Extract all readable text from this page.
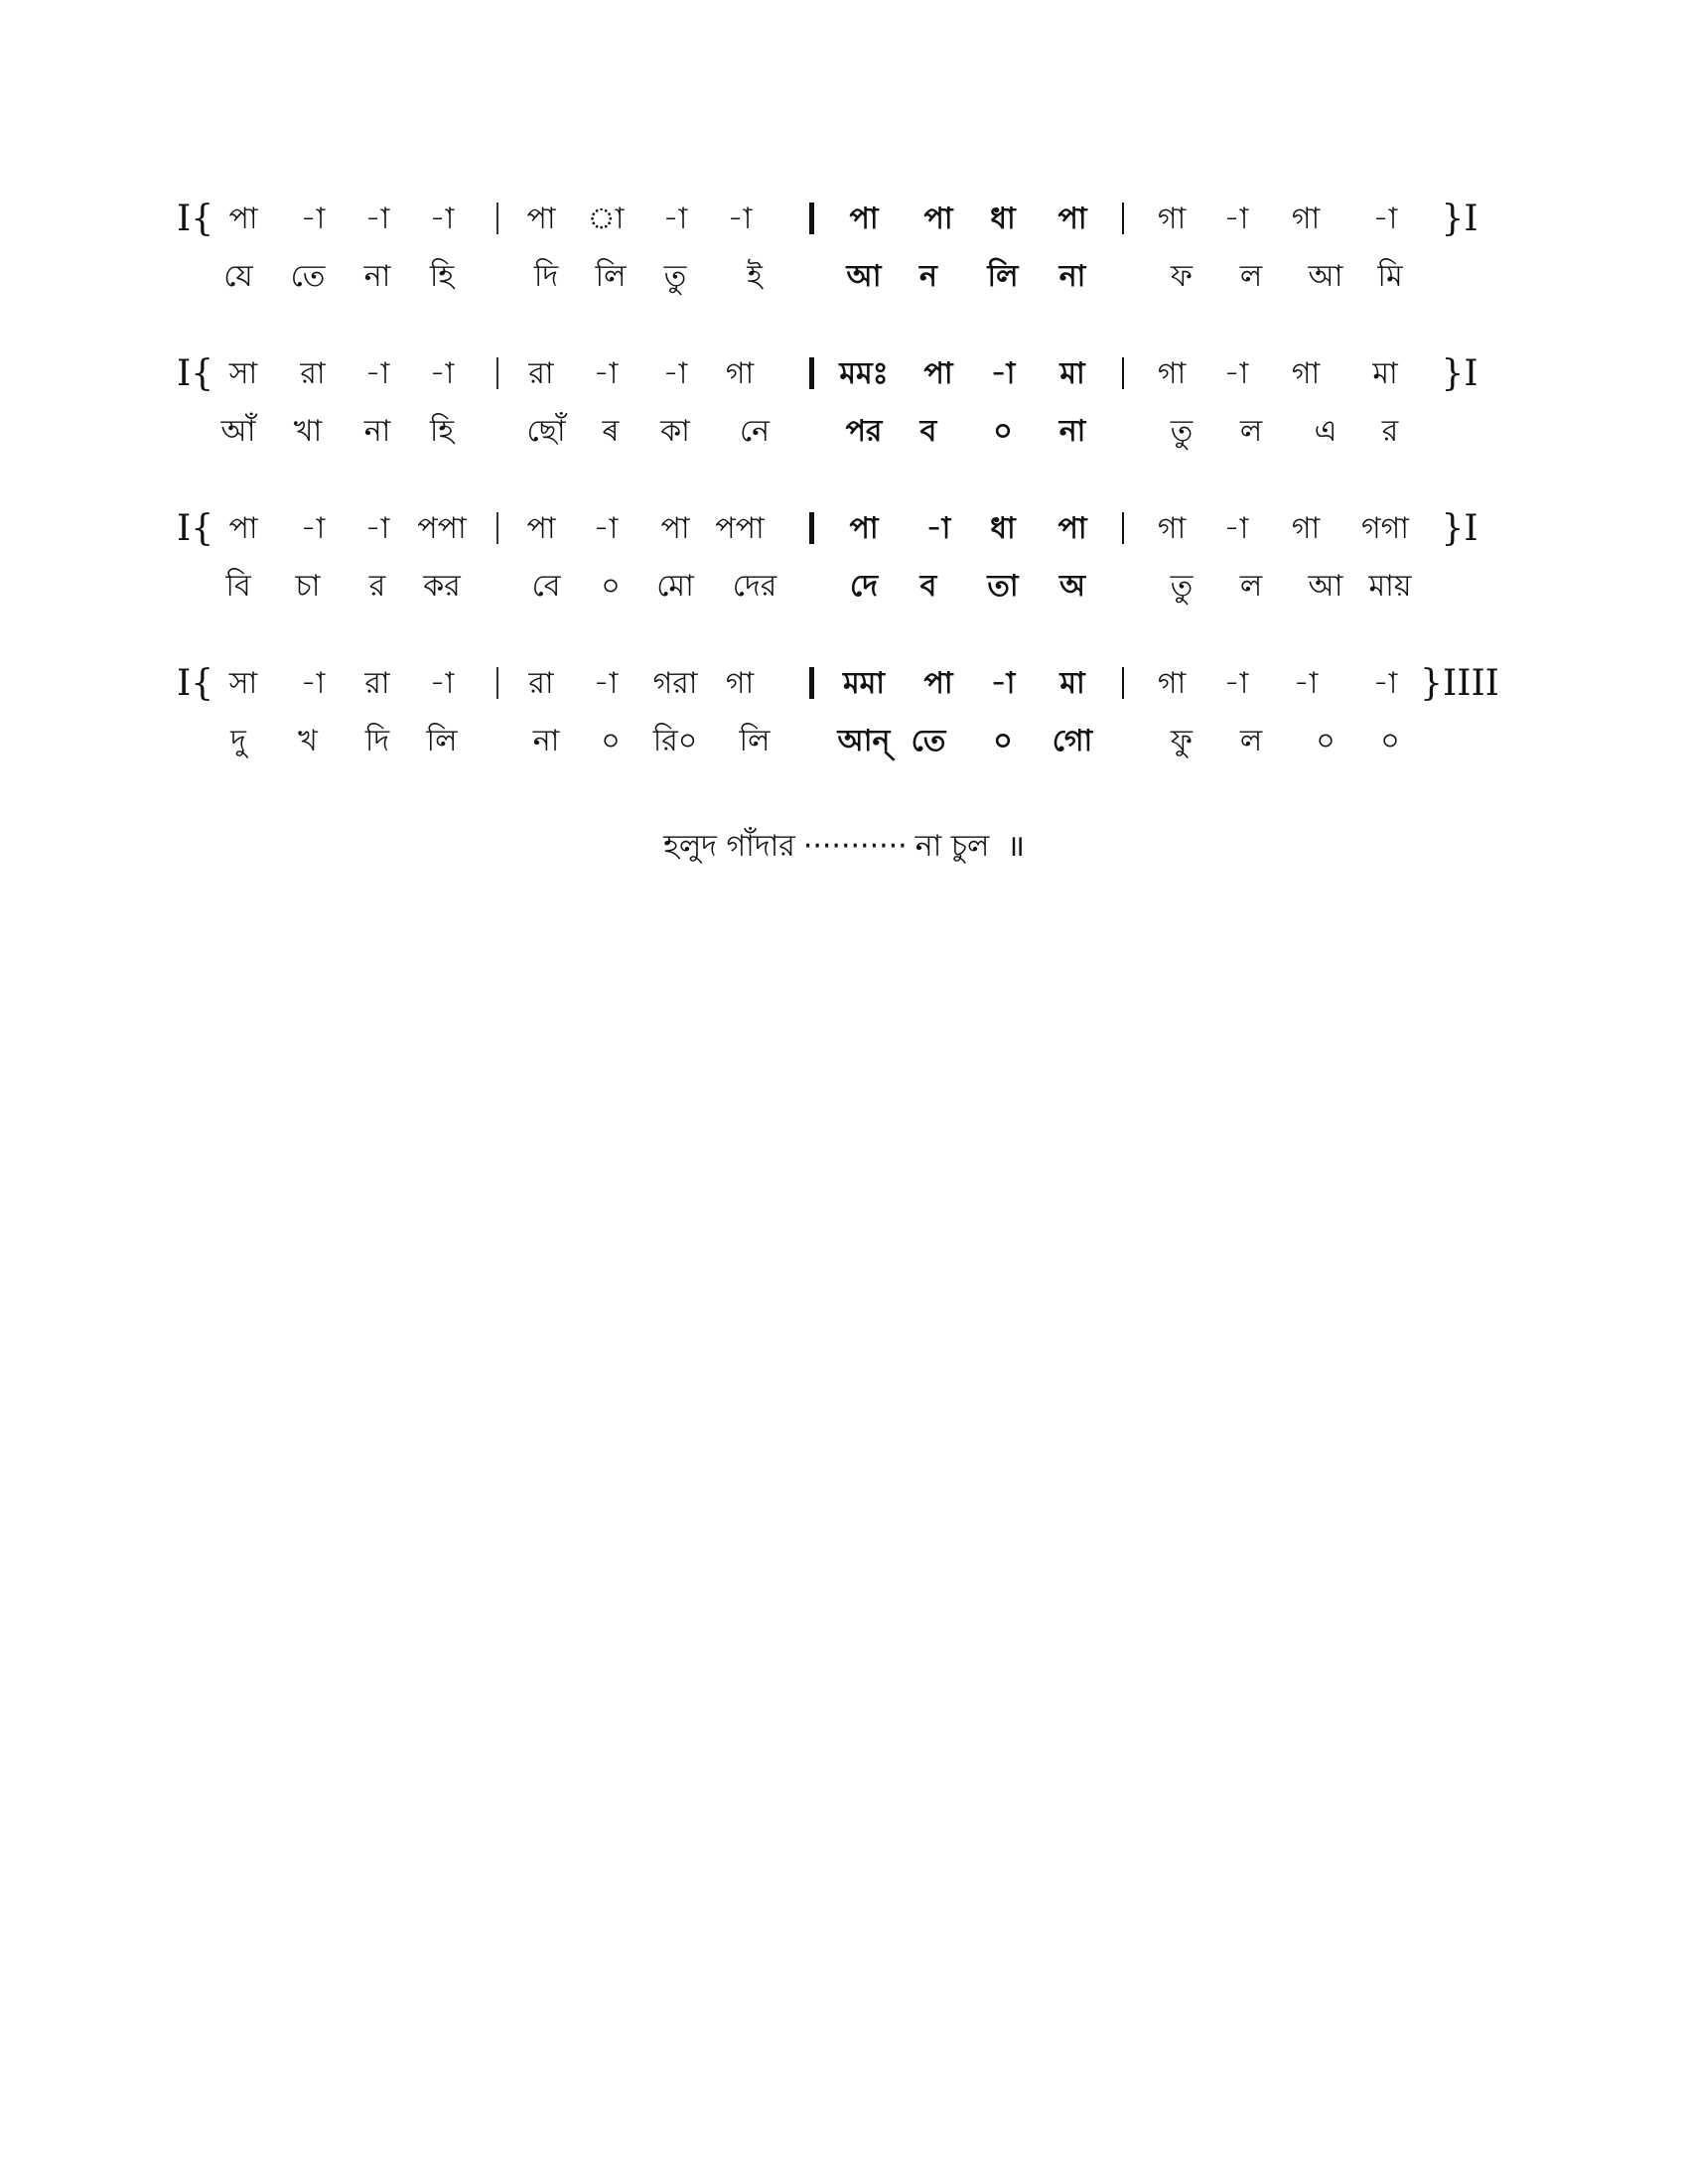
I{ পা -া -া -া পা া -া -া	পা পা ধা পা গা -া গা -া }I
যে তে না হি	দি লি তু ই	আ ন লি না	ফ ল আ মি
I{ সা রা -া -া	রা -া -া গা	মমঃ পা -া মা গা -া গা মা }I
আঁ খা না হি ছোঁ ৰ কা নে	পর ব ০ না	তু ল এ র
I{ পা -া -া পপা পা -া পা পপা	পা -া ধা পা গা -া গা গগা }I
বি চা র কর বে ০ মো দের দে ব তা অ	তু ল আ মায়
I{ সা -া রা -া	রা -া গরা গা	মমা পা -া মা গা -া -া -া }IIII
দু খ দি লি	না ০ রি০ লি আন্ তে ০ গো	ফু ল ০ ০
হলুদ গাঁদার ··········· না চুল ॥
